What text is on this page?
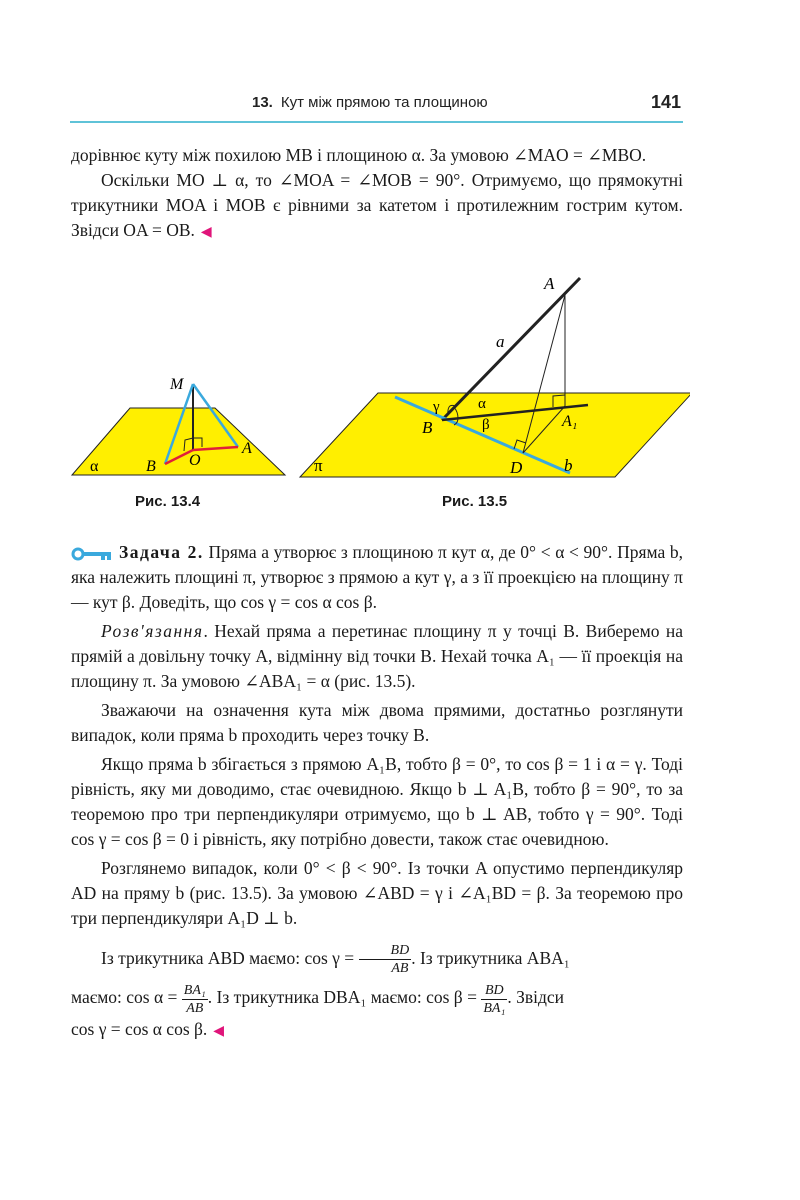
13. Кут між прямою та площиною	141

дорівнює куту між похилою MB і площиною α. За умовою ∠MAO = ∠MBO.

Оскільки MO ⊥ α, то ∠MOA = ∠MOB = 90°. Отримуємо, що прямокутні трикутники MOA і MOB є рівними за катетом і протилежним гострим кутом. Звідси OA = OB. ◀

M
A
B O
α
A
a
γ	α
β
B	A₁
π	D b
Рис. 13.4	Рис. 13.5

Задача 2. Пряма a утворює з площиною π кут α, де 0° < α < 90°. Пряма b, яка належить площині π, утворює з прямою a кут γ, а з її проекцією на площину π — кут β. Доведіть, що cos γ = cos α cos β.

Розв'язання. Нехай пряма a перетинає площину π у точці B. Виберемо на прямій a довільну точку A, відмінну від точки B. Нехай точка A₁ — її проекція на площину π. За умовою ∠ABA₁ = α (рис. 13.5).

Зважаючи на означення кута між двома прямими, достатньо розглянути випадок, коли пряма b проходить через точку B.

Якщо пряма b збігається з прямою A₁B, тобто β = 0°, то cos β = 1 і α = γ. Тоді рівність, яку ми доводимо, стає очевидною. Якщо b ⊥ A₁B, тобто β = 90°, то за теоремою про три перпендикуляри отримуємо, що b ⊥ AB, тобто γ = 90°. Тоді cos γ = cos β = 0 і рівність, яку потрібно довести, також стає очевидною.

Розглянемо випадок, коли 0° < β < 90°. Із точки A опустимо перпендикуляр AD на пряму b (рис. 13.5). За умовою ∠ABD = γ і ∠A₁BD = β. За теоремою про три перпендикуляри A₁D ⊥ b.

Із трикутника ABD маємо: $\cos \gamma = \frac{BD}{AB}$ . Із трикутника ABA₁

маємо: $\cos \alpha = \frac{\text{BA₁}}{AB}$ . Із трикутника DBA₁ маємо: $\cos \beta = \frac{BD}{\text{BA₁}}$ . Звідси

cos γ = cos α cos β. ◀
